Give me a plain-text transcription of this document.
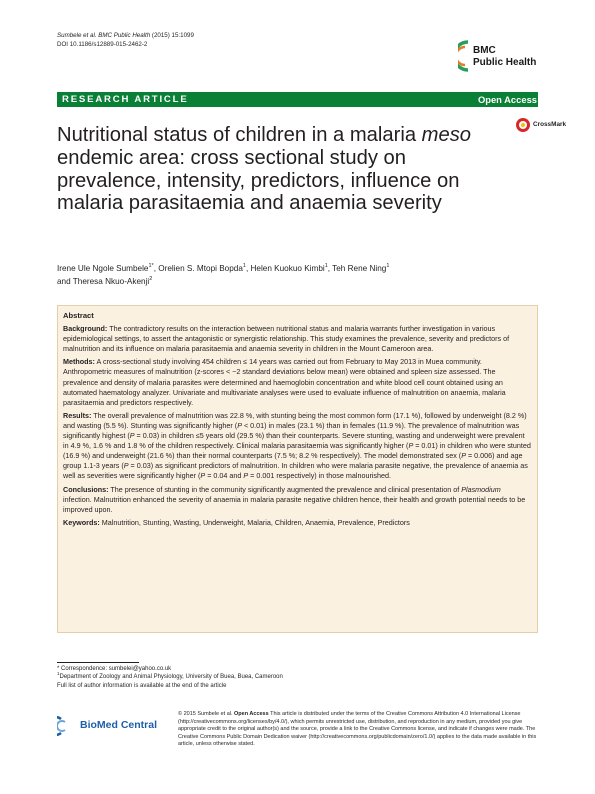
Sumbele et al. BMC Public Health (2015) 15:1099
DOI 10.1186/s12889-015-2462-2
BMC
Public Health
RESEARCH ARTICLE	Open Access
CrossMark
Nutritional status of children in a malaria meso endemic area: cross sectional study on prevalence, intensity, predictors, influence on malaria parasitaemia and anaemia severity
Irene Ule Ngole Sumbele$^{1*}$, Orelien S. Mtopi Bopda$^1$, Helen Kuokuo Kimbi$^1$, Teh Rene Ning$^1$
and Theresa Nkuo-Akenji$^2$
Abstract

Background: The contradictory results on the interaction between nutritional status and malaria warrants further investigation in various epidemiological settings, to assert the antagonistic or synergistic relationship. This study examines the prevalence, severity and predictors of malnutrition and its influence on malaria parasitaemia and anaemia severity in children in the Mount Cameroon area.

Methods: A cross-sectional study involving 454 children ≤ 14 years was carried out from February to May 2013 in Muea community. Anthropometric measures of malnutrition (z-scores < −2 standard deviations below mean) were obtained and spleen size assessed. The prevalence and density of malaria parasites were determined and haemoglobin concentration and white blood cell count obtained using an automated haematology analyzer. Univariate and multivariate analyses were used to evaluate influence of malnutrition on anaemia, malaria parasitaemia and predictors respectively.

Results: The overall prevalence of malnutrition was 22.8 %, with stunting being the most common form (17.1 %), followed by underweight (8.2 %) and wasting (5.5 %). Stunting was significantly higher (P < 0.01) in males (23.1 %) than in females (11.9 %). The prevalence of malnutrition was significantly highest (P = 0.03) in children ≤5 years old (29.5 %) than their counterparts. Severe stunting, wasting and underweight were prevalent in 4.9 %, 1.6 % and 1.8 % of the children respectively. Clinical malaria parasitaemia was significantly higher (P = 0.01) in children who were stunted (16.9 %) and underweight (21.6 %) than their normal counterparts (7.5 %; 8.2 % respectively). The model demonstrated sex (P = 0.006) and age group 1.1-3 years (P = 0.03) as significant predictors of malnutrition. In children who were malaria parasite negative, the prevalence of anaemia as well as severities were significantly higher (P = 0.04 and P = 0.001 respectively) in those malnourished.

Conclusions: The presence of stunting in the community significantly augmented the prevalence and clinical presentation of Plasmodium infection. Malnutrition enhanced the severity of anaemia in malaria parasite negative children hence, their health and growth potential needs to be improved upon.

Keywords: Malnutrition, Stunting, Wasting, Underweight, Malaria, Children, Anaemia, Prevalence, Predictors

* Correspondence: sumbelei@yahoo.co.uk
$^1$Department of Zoology and Animal Physiology, University of Buea, Buea, Cameroon
Full list of author information is available at the end of the article
BioMed Central
© 2015 Sumbele et al. Open Access This article is distributed under the terms of the Creative Commons Attribution 4.0 International License (http://creativecommons.org/licenses/by/4.0/), which permits unrestricted use, distribution, and reproduction in any medium, provided you give appropriate credit to the original author(s) and the source, provide a link to the Creative Commons license, and indicate if changes were made. The Creative Commons Public Domain Dedication waiver (http://creativecommons.org/publicdomain/zero/1.0/) applies to the data made available in this article, unless otherwise stated.
